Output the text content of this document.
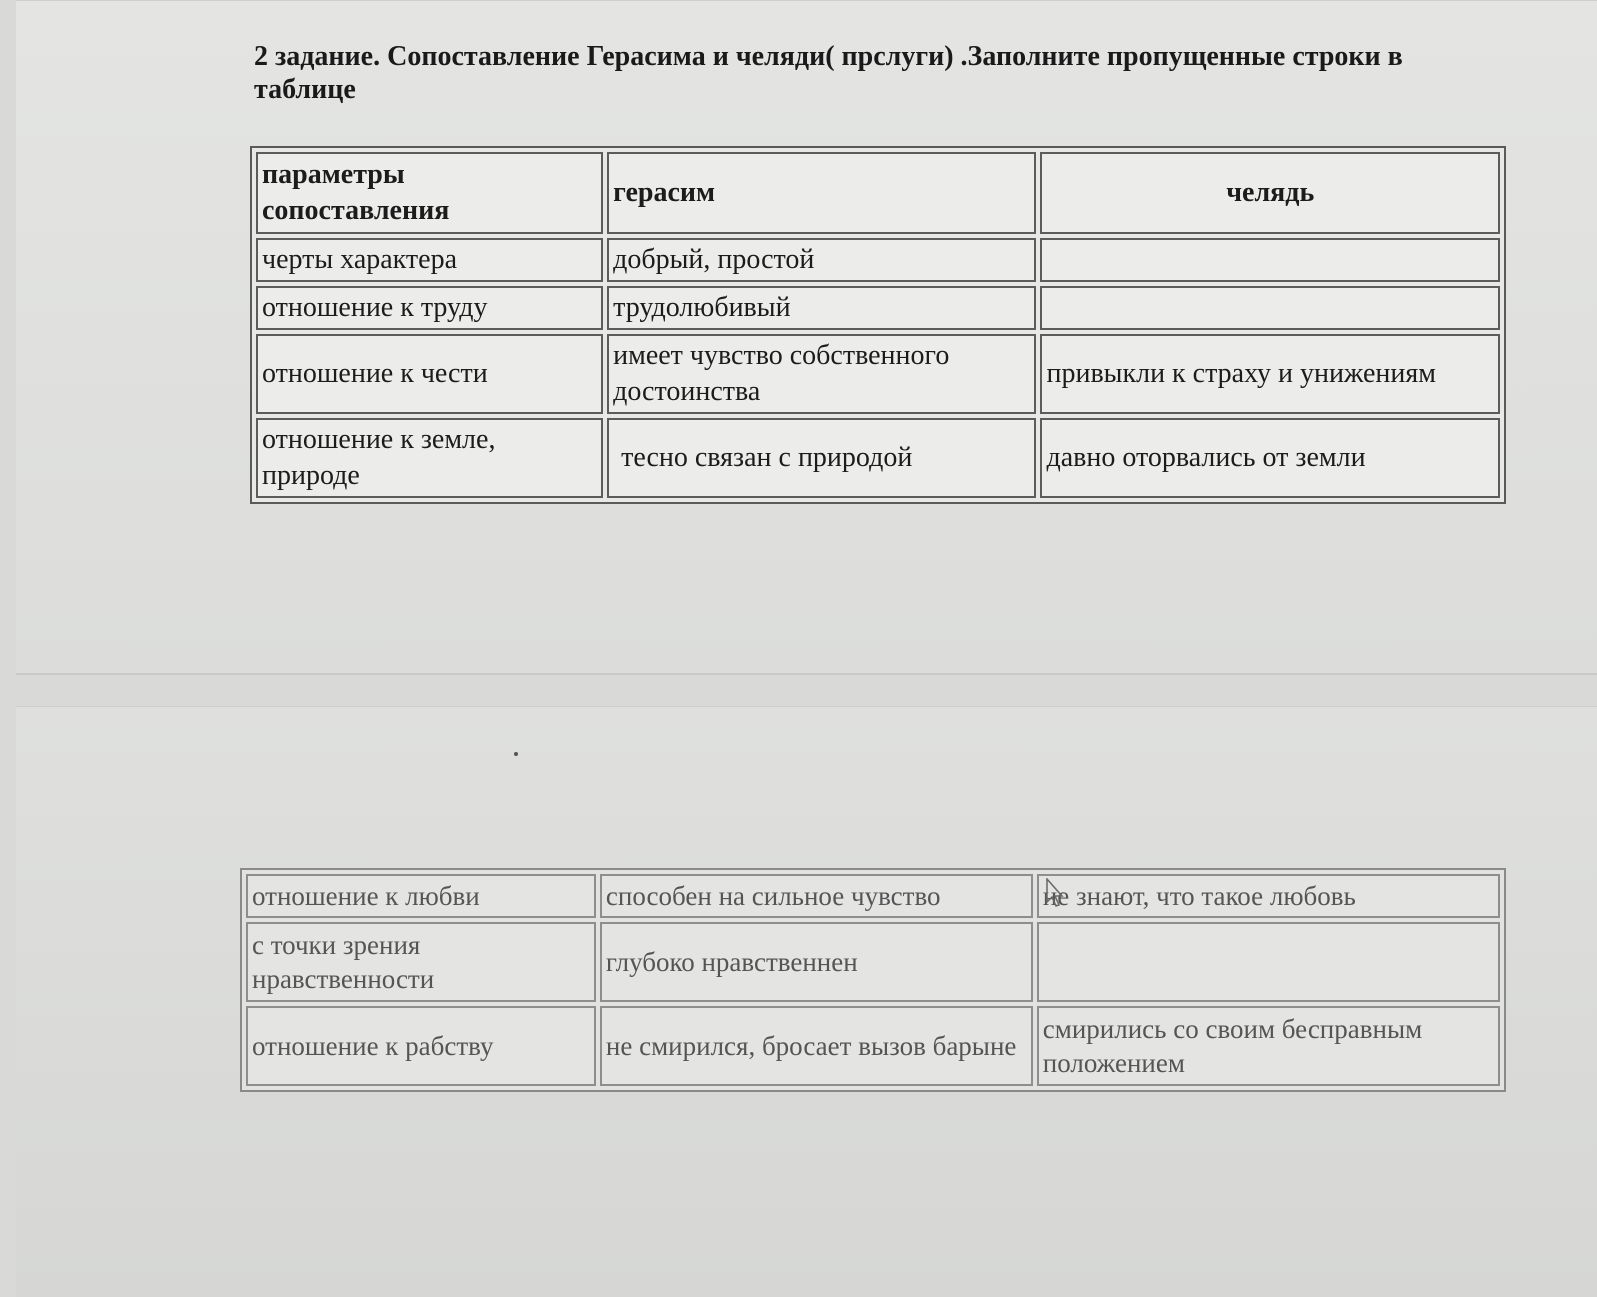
2 задание. Сопоставление Герасима и челяди( прслуги) .Заполните пропущенные строки в таблице
параметры сопоставления	герасим	челядь
черты характера	добрый, простой	
отношение к труду	трудолюбивый	
отношение к чести	имеет чувство собственного достоинства	привыкли к страху и унижениям
отношение к земле, природе	тесно связан с природой	давно оторвались от земли
отношение к любви	способен на сильное чувство	не знают, что такое любовь
с точки зрения нравственности	глубоко нравственнен	
отношение к рабству	не смирился, бросает вызов барыне	смирились со своим бесправным положением
